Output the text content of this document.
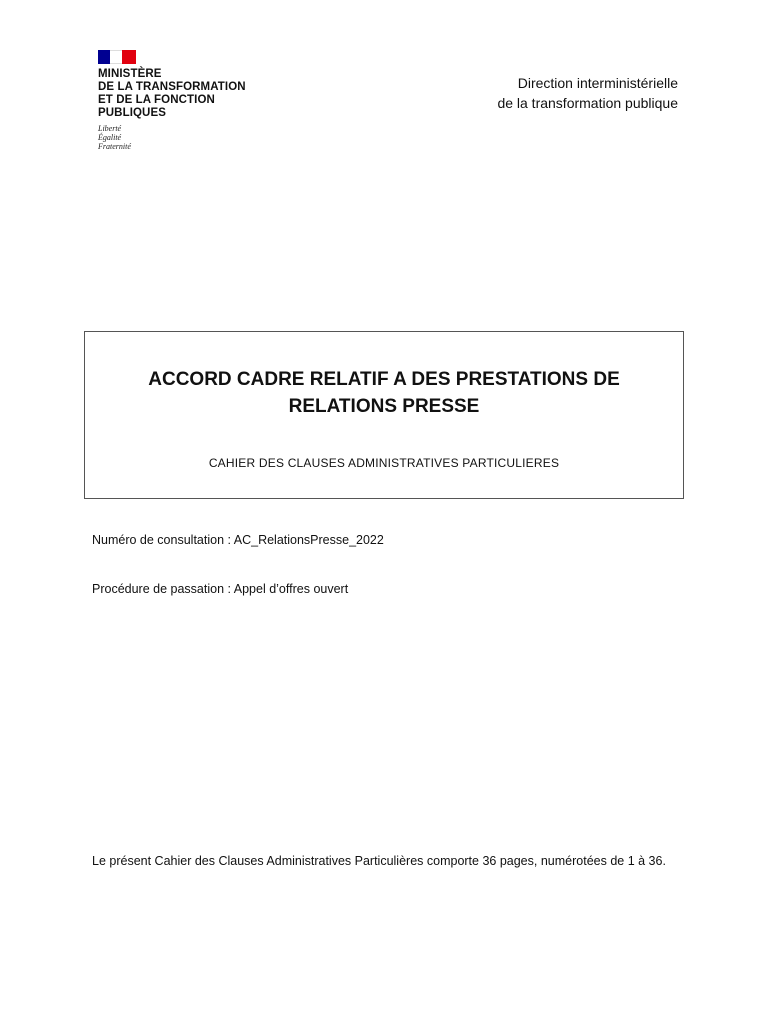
MINISTÈRE
DE LA TRANSFORMATION
ET DE LA FONCTION
PUBLIQUES
Liberté
Égalité
Fraternité
Direction interministérielle
de la transformation publique
ACCORD CADRE RELATIF A DES PRESTATIONS DE
RELATIONS PRESSE
CAHIER DES CLAUSES ADMINISTRATIVES PARTICULIERES
Numéro de consultation : AC_RelationsPresse_2022
Procédure de passation : Appel d’offres ouvert
Le présent Cahier des Clauses Administratives Particulières comporte 36 pages, numérotées de 1 à 36.
